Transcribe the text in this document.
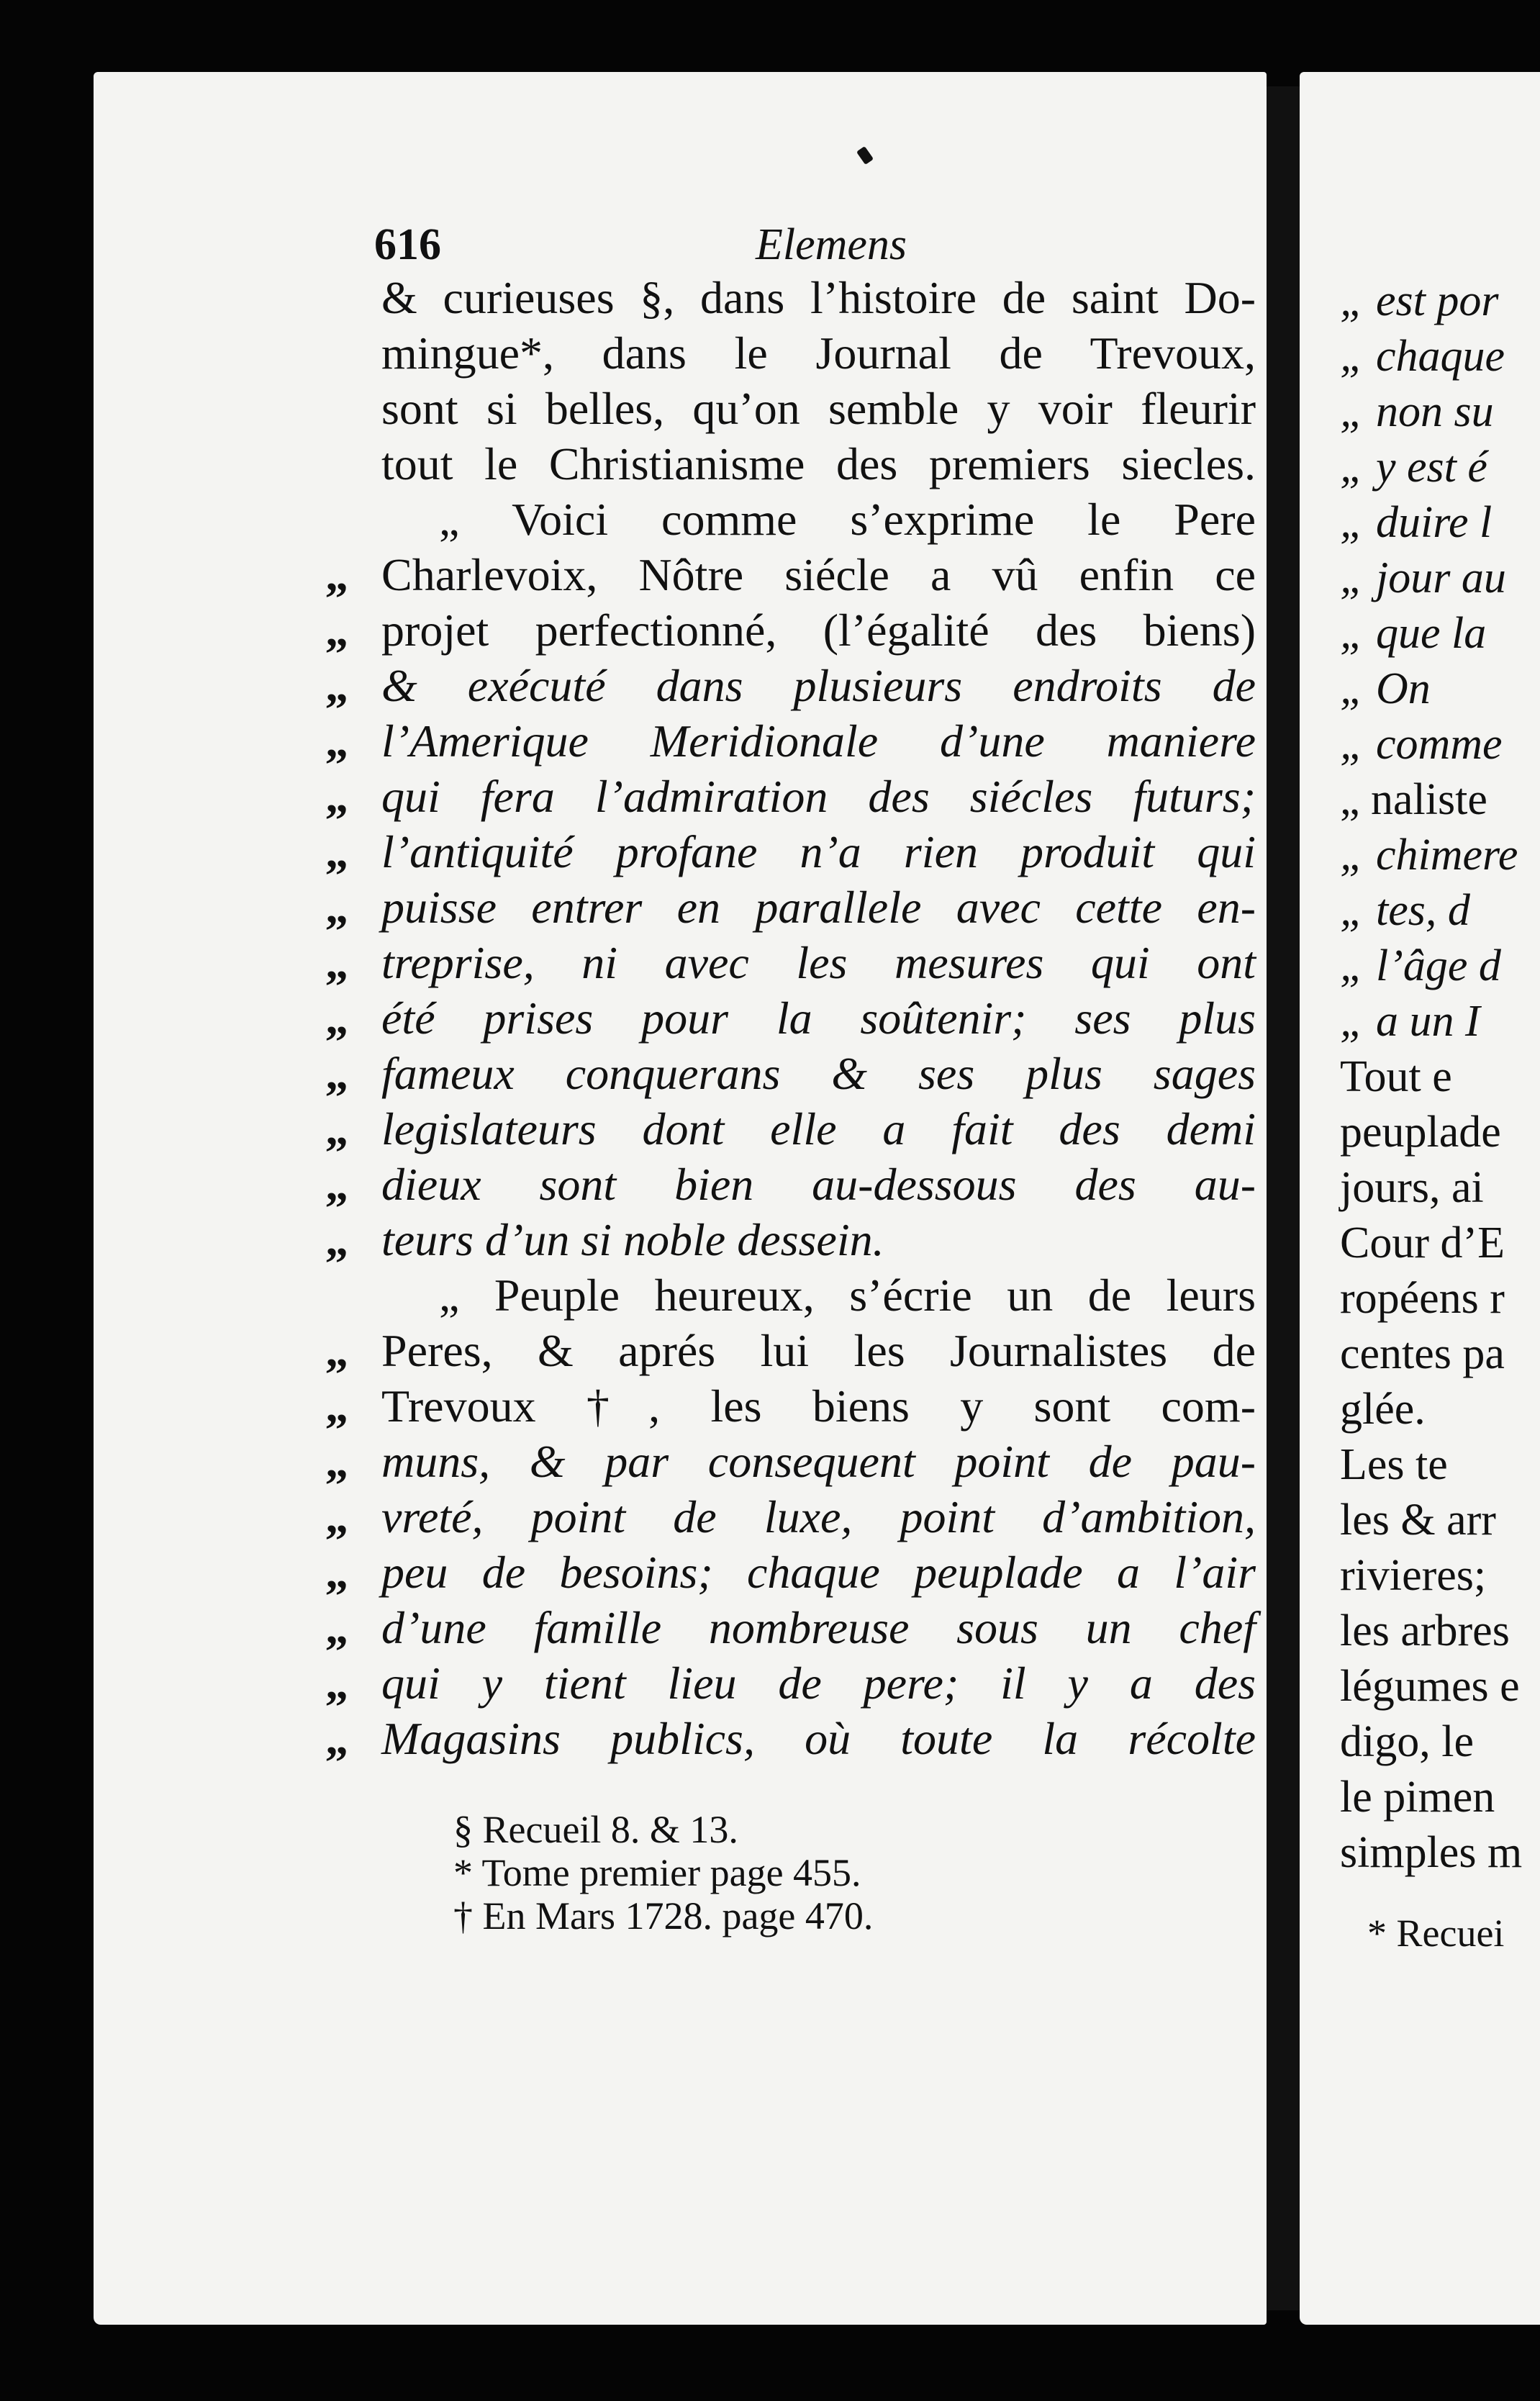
616	Elemens
& curieuses §, dans l’histoire de saint Do-
mingue*, dans le Journal de Trevoux,
sont si belles, qu’on semble y voir fleurir
tout le Christianisme des premiers siecles.
„ Voici comme s’exprime le Pere
„ Charlevoix, Nôtre siécle a vû enfin ce
„ projet perfectionné, (l’égalité des biens)
„ & exécuté dans plusieurs endroits de
„ l’Amerique Meridionale d’une maniere
„ qui fera l’admiration des siécles futurs;
„ l’antiquité profane n’a rien produit qui
„ puisse entrer en parallele avec cette en-
„ treprise, ni avec les mesures qui ont
„ été prises pour la soûtenir; ses plus
„ fameux conquerans & ses plus sages
„ legislateurs dont elle a fait des demi
„ dieux sont bien au-dessous des au-
„ teurs d’un si noble dessein.
„ Peuple heureux, s’écrie un de leurs
„ Peres, & aprés lui les Journalistes de
„ Trevoux †, les biens y sont com-
„ muns, & par consequent point de pau-
„ vreté, point de luxe, point d’ambition,
„ peu de besoins; chaque peuplade a l’air
„ d’une famille nombreuse sous un chef
„ qui y tient lieu de pere; il y a des
„ Magasins publics, où toute la récolte
§ Recueil 8. & 13.
* Tome premier page 455.
† En Mars 1728. page 470.
„ est por
„ chaque
„ non su
„ y est é
„ duire l
„ jour au
„ que la
„ On
„ comme
„ naliste
„ chimere
„ tes, d
„ l’âge d
„ a un I
Tout e
peuplade
jours, ai
Cour d’E
ropéens r
centes pa
glée.
Les te
les & arr
rivieres;
les arbres
légumes e
digo, le
le pimen
simples m
* Recuei
